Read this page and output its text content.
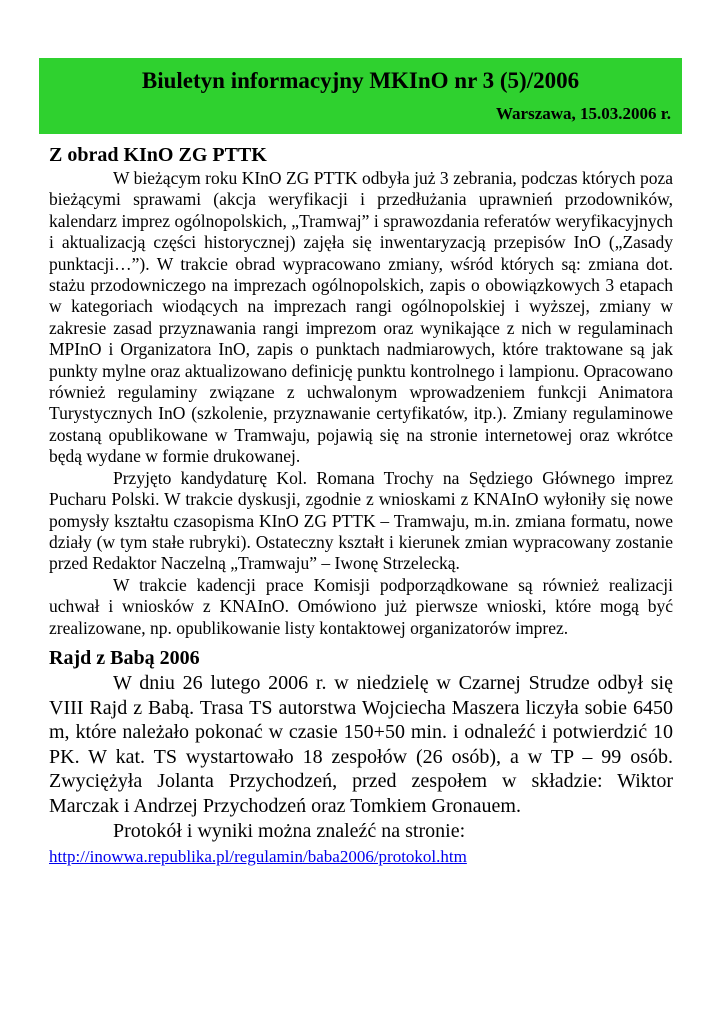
Biuletyn informacyjny MKInO nr 3 (5)/2006
Warszawa, 15.03.2006 r.
Z obrad KInO ZG PTTK

W bieżącym roku KInO ZG PTTK odbyła już 3 zebrania, podczas których poza bieżącymi sprawami (akcja weryfikacji i przedłużania uprawnień przodowników, kalendarz imprez ogólnopolskich, „Tramwaj” i sprawozdania referatów weryfikacyjnych i aktualizacją części historycznej) zajęła się inwentaryzacją przepisów InO („Zasady punktacji…”). W trakcie obrad wypracowano zmiany, wśród których są: zmiana dot. stażu przodowniczego na imprezach ogólnopolskich, zapis o obowiązkowych 3 etapach w kategoriach wiodących na imprezach rangi ogólnopolskiej i wyższej, zmiany w zakresie zasad przyznawania rangi imprezom oraz wynikające z nich w regulaminach MPInO i Organizatora InO, zapis o punktach nadmiarowych, które traktowane są jak punkty mylne oraz aktualizowano definicję punktu kontrolnego i lampionu. Opracowano również regulaminy związane z uchwalonym wprowadzeniem funkcji Animatora Turystycznych InO (szkolenie, przyznawanie certyfikatów, itp.). Zmiany regulaminowe zostaną opublikowane w Tramwaju, pojawią się na stronie internetowej oraz wkrótce będą wydane w formie drukowanej.

Przyjęto kandydaturę Kol. Romana Trochy na Sędziego Głównego imprez Pucharu Polski. W trakcie dyskusji, zgodnie z wnioskami z KNAInO wyłoniły się nowe pomysły kształtu czasopisma KInO ZG PTTK – Tramwaju, m.in. zmiana formatu, nowe działy (w tym stałe rubryki). Ostateczny kształt i kierunek zmian wypracowany zostanie przed Redaktor Naczelną „Tramwaju” – Iwonę Strzelecką.

W trakcie kadencji prace Komisji podporządkowane są również realizacji uchwał i wniosków z KNAInO. Omówiono już pierwsze wnioski, które mogą być zrealizowane, np. opublikowanie listy kontaktowej organizatorów imprez.

Rajd z Babą 2006

W dniu 26 lutego 2006 r. w niedzielę w Czarnej Strudze odbył się VIII Rajd z Babą. Trasa TS autorstwa Wojciecha Maszera liczyła sobie 6450 m, które należało pokonać w czasie 150+50 min. i odnaleźć i potwierdzić 10 PK. W kat. TS wystartowało 18 zespołów (26 osób), a w TP – 99 osób. Zwyciężyła Jolanta Przychodzeń, przed zespołem w składzie: Wiktor Marczak i Andrzej Przychodzeń oraz Tomkiem Gronauem.

Protokół i wyniki można znaleźć na stronie:

http://inowwa.republika.pl/regulamin/baba2006/protokol.htm
